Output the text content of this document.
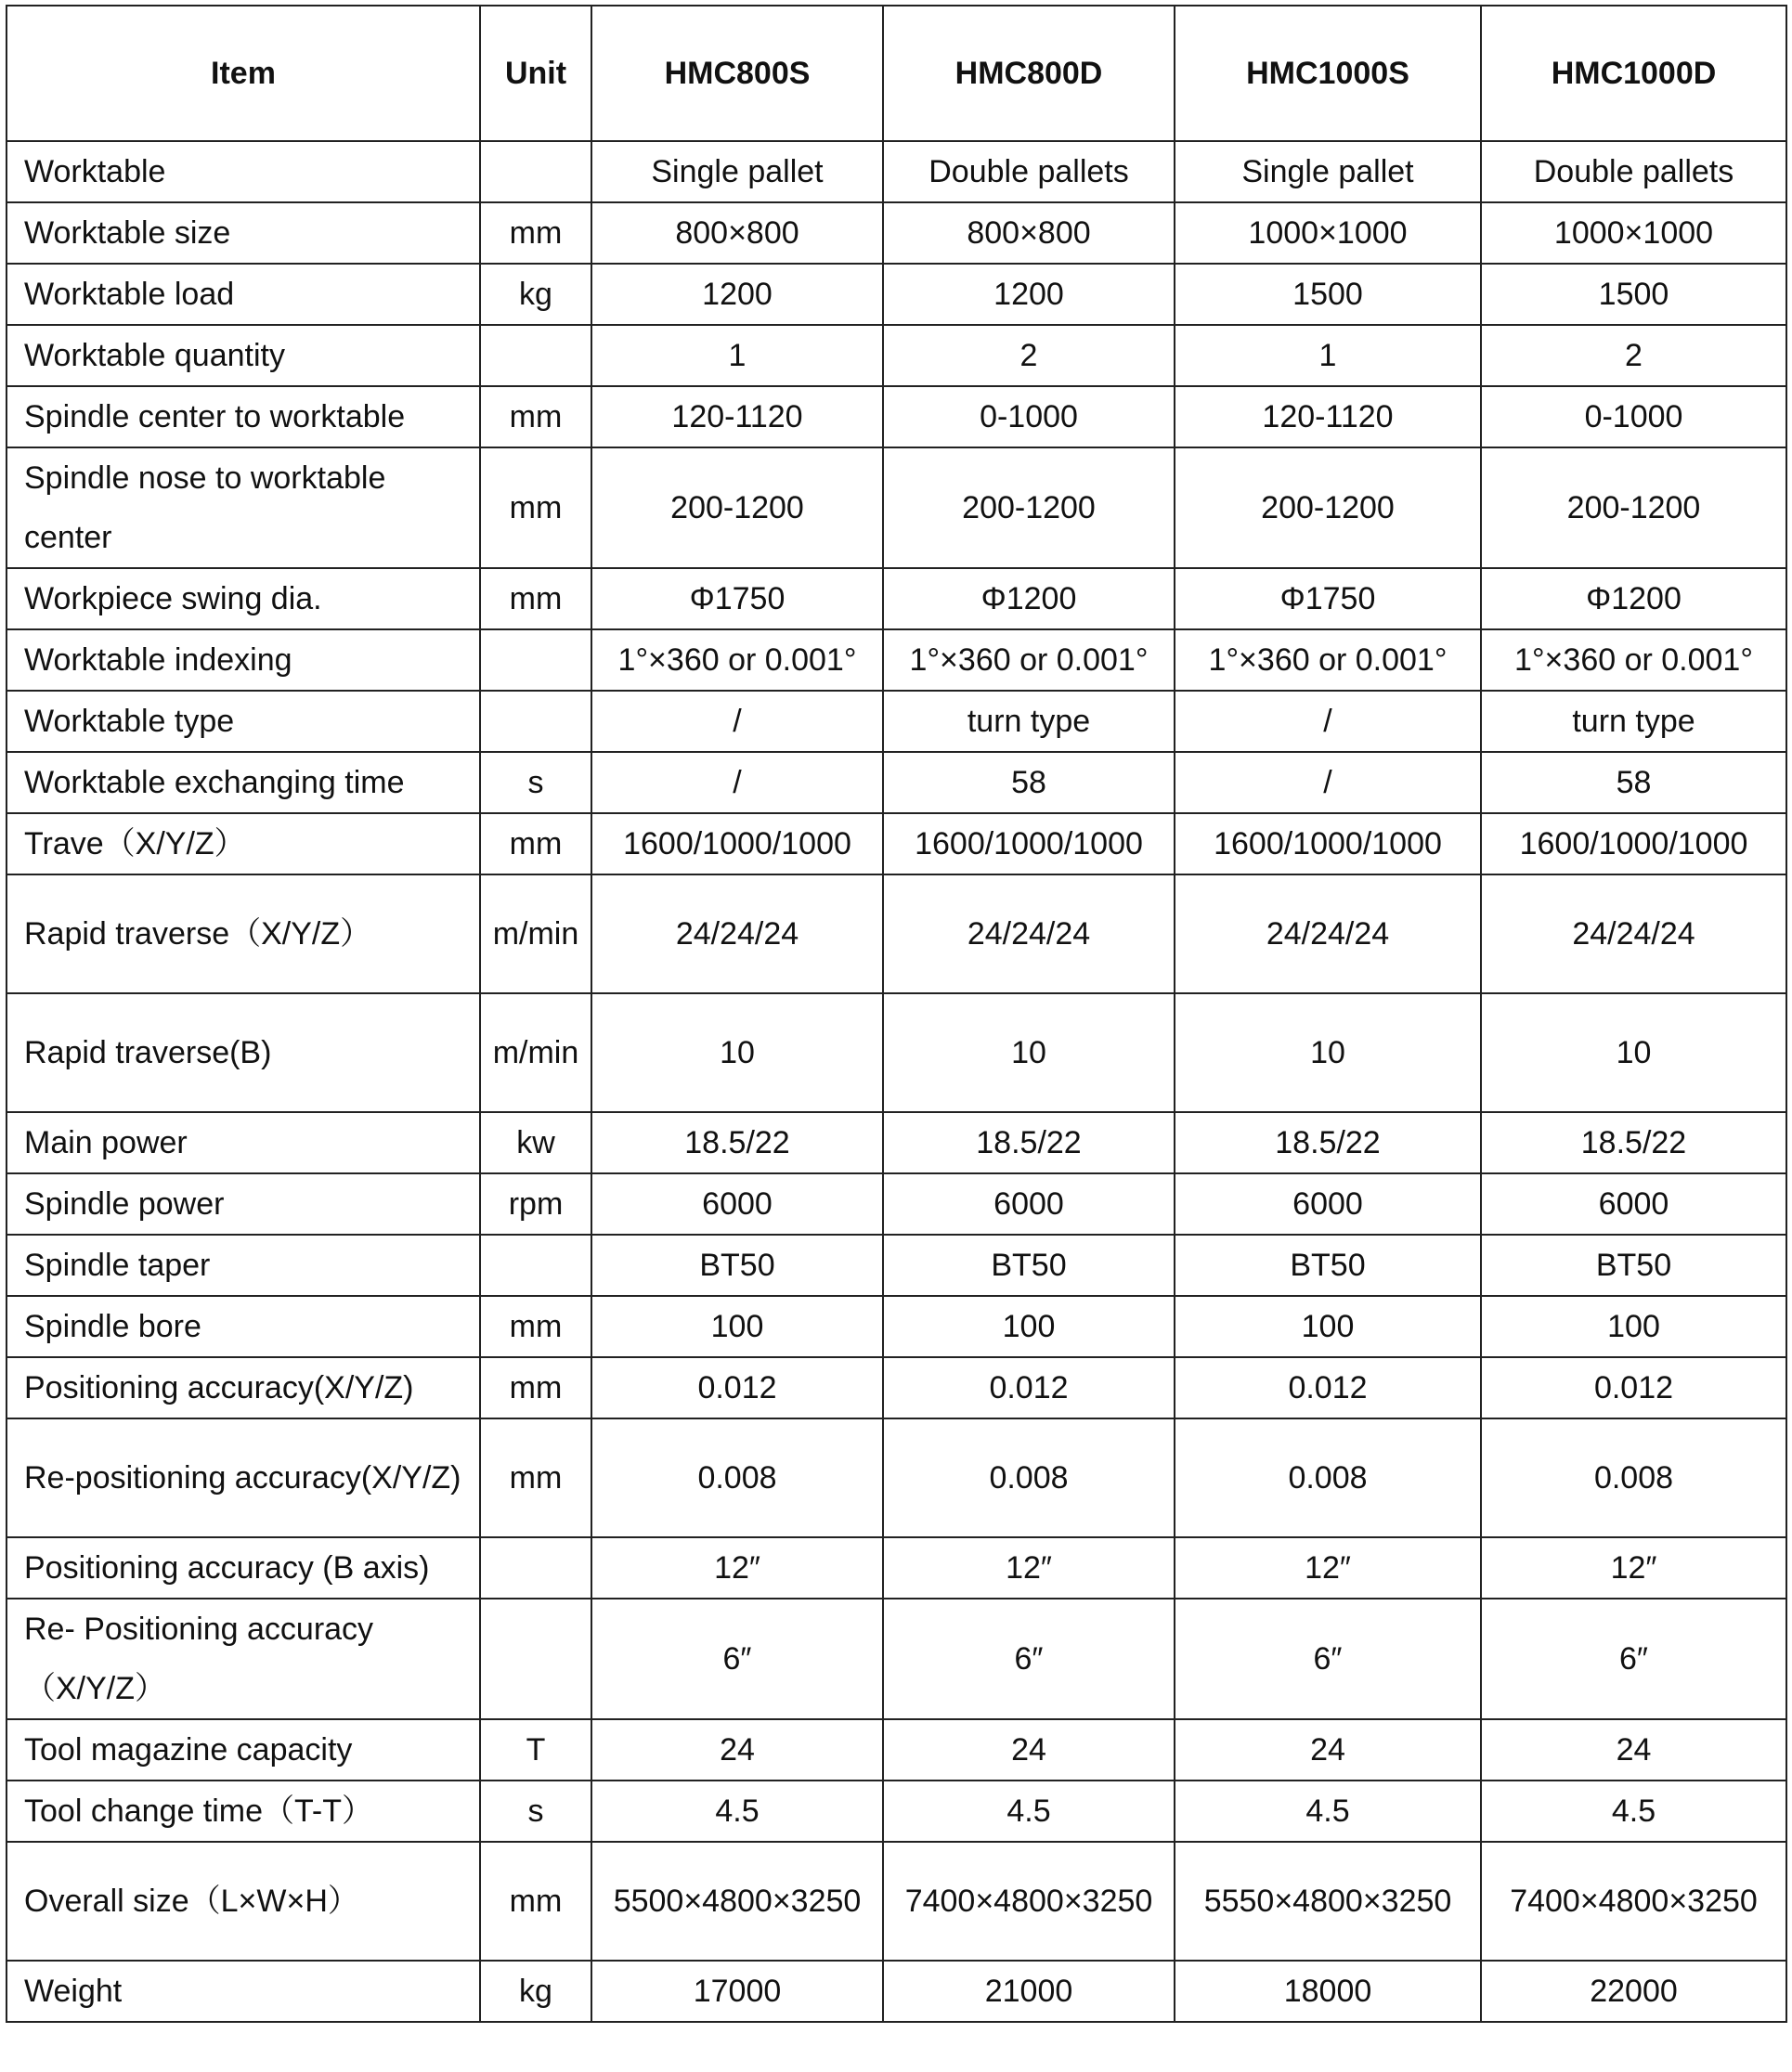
Item	Unit	HMC800S	HMC800D	HMC1000S	HMC1000D
Worktable		Single pallet	Double pallets	Single pallet	Double pallets
Worktable size	mm	800×800	800×800	1000×1000	1000×1000
Worktable load	kg	1200	1200	1500	1500
Worktable quantity		1	2	1	2
Spindle center to worktable	mm	120-1120	0-1000	120-1120	0-1000
Spindle nose to worktable center	mm	200-1200	200-1200	200-1200	200-1200
Workpiece swing dia.	mm	Φ1750	Φ1200	Φ1750	Φ1200
Worktable indexing		1°×360 or 0.001°	1°×360 or 0.001°	1°×360 or 0.001°	1°×360 or 0.001°
Worktable type		/	turn type	/	turn type
Worktable exchanging time	s	/	58	/	58
Trave（X/Y/Z）	mm	1600/1000/1000	1600/1000/1000	1600/1000/1000	1600/1000/1000
Rapid traverse（X/Y/Z）	m/min	24/24/24	24/24/24	24/24/24	24/24/24
Rapid traverse(B)	m/min	10	10	10	10
Main power	kw	18.5/22	18.5/22	18.5/22	18.5/22
Spindle power	rpm	6000	6000	6000	6000
Spindle taper		BT50	BT50	BT50	BT50
Spindle bore	mm	100	100	100	100
Positioning accuracy(X/Y/Z)	mm	0.012	0.012	0.012	0.012
Re-positioning accuracy(X/Y/Z)	mm	0.008	0.008	0.008	0.008
Positioning accuracy (B axis)		12″	12″	12″	12″
Re- Positioning accuracy（X/Y/Z）		6″	6″	6″	6″
Tool magazine capacity	T	24	24	24	24
Tool change time（T-T）	s	4.5	4.5	4.5	4.5
Overall size（L×W×H）	mm	5500×4800×3250	7400×4800×3250	5550×4800×3250	7400×4800×3250
Weight	kg	17000	21000	18000	22000
